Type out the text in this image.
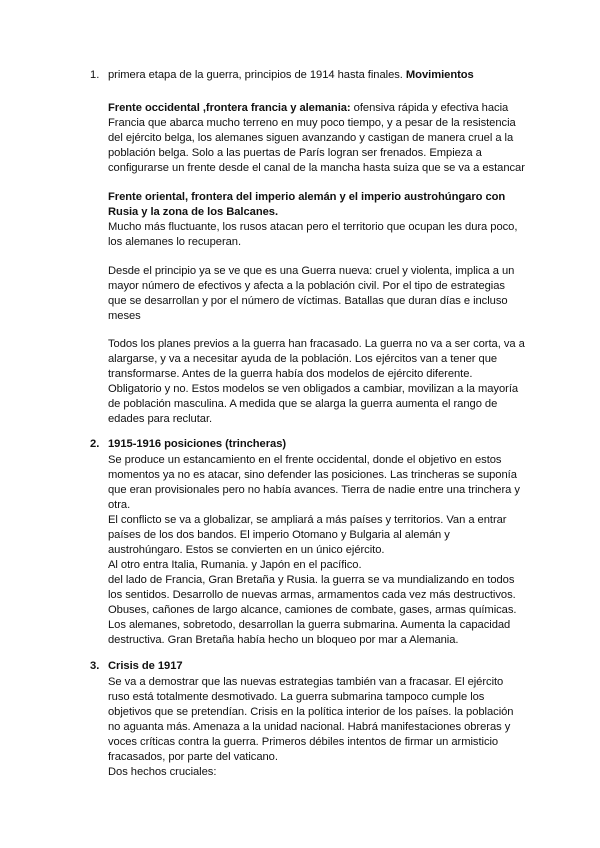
1. primera etapa de la guerra, principios de 1914 hasta finales. Movimientos
Frente occidental ,frontera francia y alemania: ofensiva rápida y efectiva hacia
Francia que abarca mucho terreno en muy poco tiempo, y a pesar de la resistencia
del ejército belga, los alemanes siguen avanzando y castigan de manera cruel a la
población belga. Solo a las puertas de París logran ser frenados. Empieza a
configurarse un frente desde el canal de la mancha hasta suiza que se va a estancar
Frente oriental, frontera del imperio alemán y el imperio austrohúngaro con
Rusia y la zona de los Balcanes.
Mucho más fluctuante, los rusos atacan pero el territorio que ocupan les dura poco,
los alemanes lo recuperan.
Desde el principio ya se ve que es una Guerra nueva: cruel y violenta, implica a un
mayor número de efectivos y afecta a la población civil. Por el tipo de estrategias
que se desarrollan y por el número de víctimas. Batallas que duran días e incluso
meses
Todos los planes previos a la guerra han fracasado. La guerra no va a ser corta, va a
alargarse, y va a necesitar ayuda de la población. Los ejércitos van a tener que
transformarse. Antes de la guerra había dos modelos de ejército diferente.
Obligatorio y no. Estos modelos se ven obligados a cambiar, movilizan a la mayoría
de población masculina. A medida que se alarga la guerra aumenta el rango de
edades para reclutar.
2. 1915-1916 posiciones (trincheras)
Se produce un estancamiento en el frente occidental, donde el objetivo en estos
momentos ya no es atacar, sino defender las posiciones. Las trincheras se suponía
que eran provisionales pero no había avances. Tierra de nadie entre una trinchera y
otra.
El conflicto se va a globalizar, se ampliará a más países y territorios. Van a entrar
países de los dos bandos. El imperio Otomano y Bulgaria al alemán y
austrohúngaro. Estos se convierten en un único ejército.
Al otro entra Italia, Rumania. y Japón en el pacífico.
del lado de Francia, Gran Bretaña y Rusia. la guerra se va mundializando en todos
los sentidos. Desarrollo de nuevas armas, armamentos cada vez más destructivos.
Obuses, cañones de largo alcance, camiones de combate, gases, armas químicas.
Los alemanes, sobretodo, desarrollan la guerra submarina. Aumenta la capacidad
destructiva. Gran Bretaña había hecho un bloqueo por mar a Alemania.
3. Crisis de 1917
Se va a demostrar que las nuevas estrategias también van a fracasar. El ejército
ruso está totalmente desmotivado. La guerra submarina tampoco cumple los
objetivos que se pretendían. Crisis en la política interior de los países. la población
no aguanta más. Amenaza a la unidad nacional. Habrá manifestaciones obreras y
voces críticas contra la guerra. Primeros débiles intentos de firmar un armisticio
fracasados, por parte del vaticano.
Dos hechos cruciales:
